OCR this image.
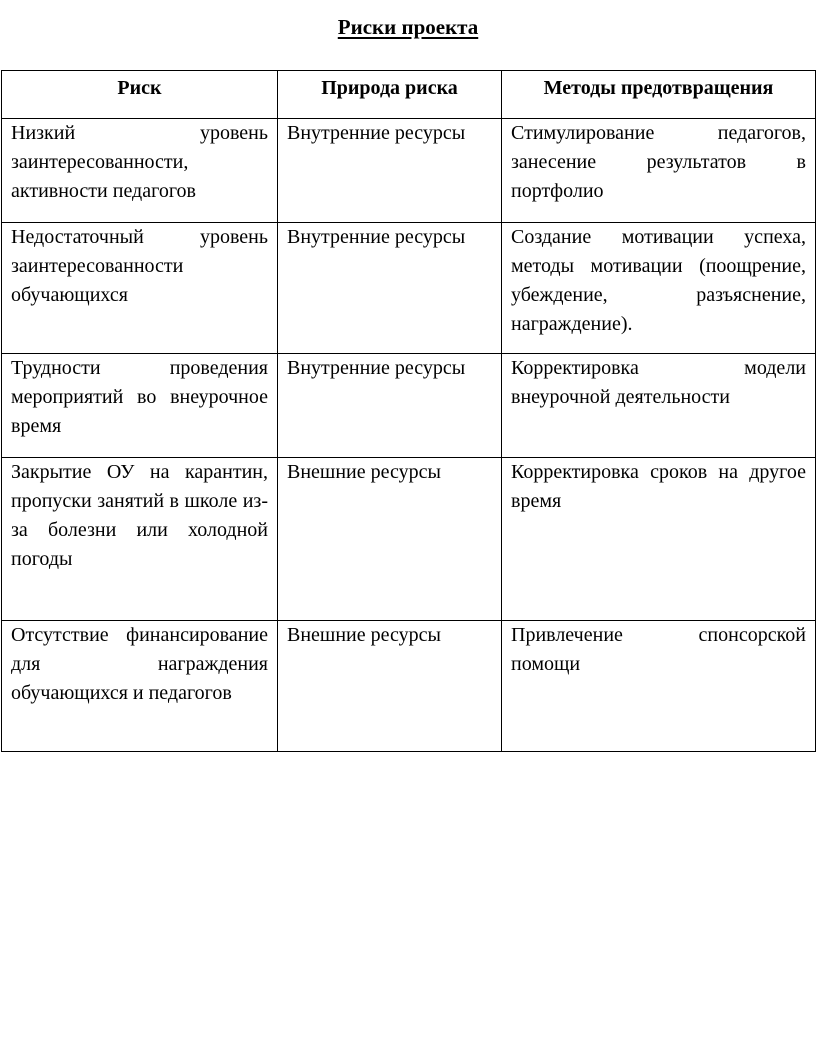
Риски проекта
Риск	Природа риска	Методы предотвращения
Низкий уровень заинтересованности, активности педагогов	Внутренние ресурсы	Стимулирование педагогов, занесение результатов в портфолио
Недостаточный уровень заинтересованности обучающихся	Внутренние ресурсы	Создание мотивации успеха, методы мотивации (поощрение, убеждение, разъяснение, награждение).
Трудности проведения мероприятий во внеурочное время	Внутренние ресурсы	Корректировка модели внеурочной деятельности
Закрытие ОУ на карантин, пропуски занятий в школе из-за болезни или холодной погоды	Внешние ресурсы	Корректировка сроков на другое время
Отсутствие финансирование для награждения обучающихся и педагогов	Внешние ресурсы	Привлечение спонсорской помощи
